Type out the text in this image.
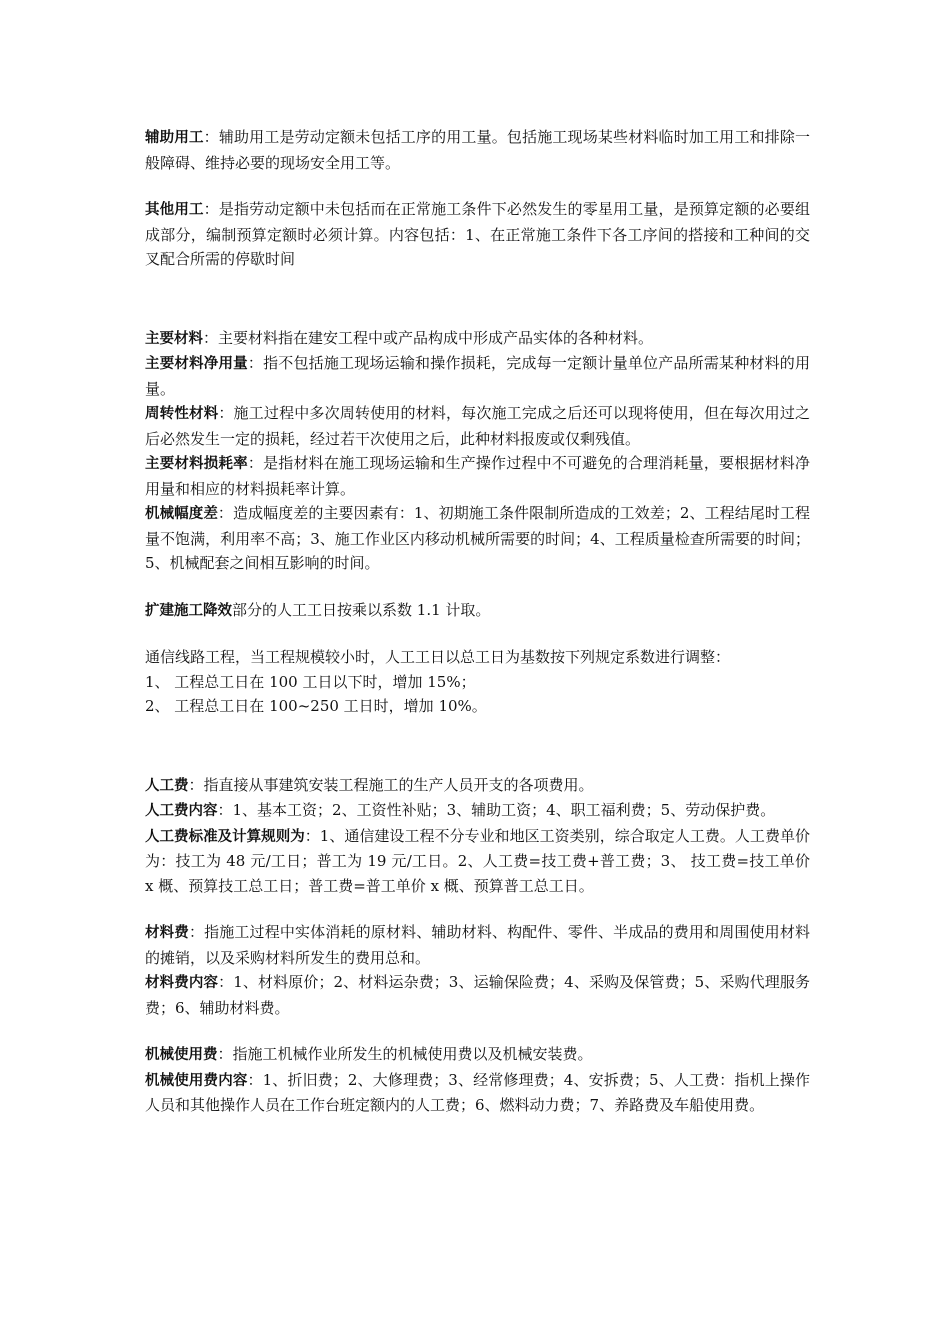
辅助用工：辅助用工是劳动定额未包括工序的用工量。包括施工现场某些材料临时加工用工和排除一般障碍、维持必要的现场安全用工等。

其他用工：是指劳动定额中未包括而在正常施工条件下必然发生的零星用工量，是预算定额的必要组成部分，编制预算定额时必须计算。内容包括：1、在正常施工条件下各工序间的搭接和工种间的交叉配合所需的停歇时间

主要材料：主要材料指在建安工程中或产品构成中形成产品实体的各种材料。

主要材料净用量：指不包括施工现场运输和操作损耗，完成每一定额计量单位产品所需某种材料的用量。

周转性材料：施工过程中多次周转使用的材料，每次施工完成之后还可以现将使用，但在每次用过之后必然发生一定的损耗，经过若干次使用之后，此种材料报废或仅剩残值。

主要材料损耗率：是指材料在施工现场运输和生产操作过程中不可避免的合理消耗量，要根据材料净用量和相应的材料损耗率计算。

机械幅度差：造成幅度差的主要因素有：1、初期施工条件限制所造成的工效差；2、工程结尾时工程量不饱满，利用率不高；3、施工作业区内移动机械所需要的时间；4、工程质量检查所需要的时间；5、机械配套之间相互影响的时间。

扩建施工降效部分的人工工日按乘以系数 1.1 计取。

通信线路工程，当工程规模较小时，人工工日以总工日为基数按下列规定系数进行调整：

1、 工程总工日在 100 工日以下时，增加 15%；

2、 工程总工日在 100~250 工日时，增加 10%。

人工费：指直接从事建筑安装工程施工的生产人员开支的各项费用。

人工费内容：1、基本工资；2、工资性补贴；3、辅助工资；4、职工福利费；5、劳动保护费。

人工费标准及计算规则为：1、通信建设工程不分专业和地区工资类别，综合取定人工费。人工费单价为：技工为 48 元/工日；普工为 19 元/工日。2、人工费=技工费+普工费；3、 技工费=技工单价 x 概、预算技工总工日；普工费=普工单价 x 概、预算普工总工日。

材料费：指施工过程中实体消耗的原材料、辅助材料、构配件、零件、半成品的费用和周围使用材料的摊销，以及采购材料所发生的费用总和。

材料费内容：1、材料原价；2、材料运杂费；3、运输保险费；4、采购及保管费；5、采购代理服务费；6、辅助材料费。

机械使用费：指施工机械作业所发生的机械使用费以及机械安装费。

机械使用费内容：1、折旧费；2、大修理费；3、经常修理费；4、安拆费；5、人工费：指机上操作人员和其他操作人员在工作台班定额内的人工费；6、燃料动力费；7、养路费及车船使用费。
